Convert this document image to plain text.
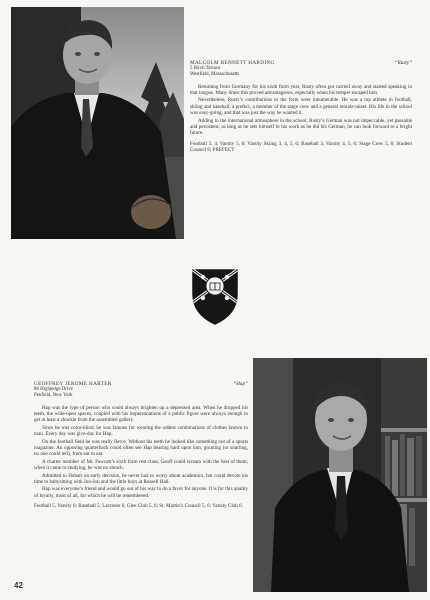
MALCOLM BENNETT HARDING	“Rusty”
5 Birch Terrace
Westfield, Massachusetts

Returning from Germany for his sixth form year, Rusty often got carried away and started speaking in that tongue. Many times this proved advantageous, especially when his temper escaped him.

Nevertheless, Rusty’s contributions to the form were innumerable. He was a top athlete in football, skiing and baseball, a prefect, a member of the stage crew and a general morale-raiser. His life in the school was easy-going, and that was just the way he wanted it.

Adding to the international atmosphere in the school, Rusty’s German was not impeccable, yet passable and persistent; as long as he sets himself to his work as he did his German, he can look forward to a bright future.

Football 3, 4, Varsity 5, 6; Varsity Skiing 3, 4, 5, 6; Baseball 3, Varsity 4, 5, 6; Stage Crew 5, 6; Student Council 6; PREFECT
GEOFFREY JEROME HARTER	“Hap”
86 Highledge Drive
Penfield, New York

Hap was the type of person who could always brighten up a depressed area. When he dropped his teeth, the wide-open spaces, coupled with his impersonations of a public figure were always enough to get at least a chuckle from the assembled gallery.

Since he was color-blind, he was famous for wearing the oddest combinations of clothes known to man. Every day was give-day for Hap.

On the football field he was really fierce. Without his teeth he looked like something out of a sports magazine. An opposing quarterback could often see Hap bearing hard upon him, grunting (or snarling, no one could tell), from ear to ear.

A charter member of Mr. Fawcett’s sixth form rest class, Geoff could scream with the best of them; when it came to studying, he was no slouch.

Admitted to Hobart on early decision, he never had to worry about academics, but could devote his time to babysitting with Jon-Jon and the little boys at Russell Hall.

Hap was everyone’s friend and would go out of his way to do a favor for anyone. It is for this quality of loyalty, most of all, for which he will be remembered.

Football 5, Varsity 6; Baseball 5; Lacrosse 6; Glee Club 5, 6; St. Martin’s Council 5, 6; Varsity Club 6.
42
